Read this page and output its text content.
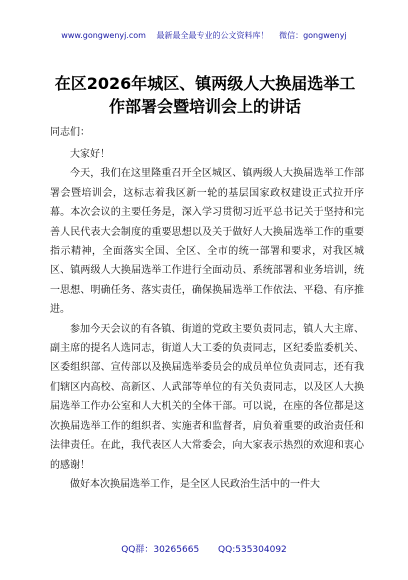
www.gongwenyj.com 最新最全最专业的公文资料库！ 微信：gongwenyj
在区2026年城区、镇两级人大换届选举工作部署会暨培训会上的讲话
同志们：

大家好！

今天，我们在这里隆重召开全区城区、镇两级人大换届选举工作部署会暨培训会，这标志着我区新一轮的基层国家政权建设正式拉开序幕。本次会议的主要任务是，深入学习贯彻习近平总书记关于坚持和完善人民代表大会制度的重要思想以及关于做好人大换届选举工作的重要指示精神，全面落实全国、全区、全市的统一部署和要求，对我区城区、镇两级人大换届选举工作进行全面动员、系统部署和业务培训，统一思想、明确任务、落实责任，确保换届选举工作依法、平稳、有序推进。

参加今天会议的有各镇、街道的党政主要负责同志，镇人大主席、副主席的提名人选同志，街道人大工委的负责同志，区纪委监委机关、区委组织部、宣传部以及换届选举委员会的成员单位负责同志，还有我们辖区内高校、高新区、人武部等单位的有关负责同志，以及区人大换届选举工作办公室和人大机关的全体干部。可以说，在座的各位都是这次换届选举工作的组织者、实施者和监督者，肩负着重要的政治责任和法律责任。在此，我代表区人大常委会，向大家表示热烈的欢迎和衷心的感谢！

做好本次换届选举工作，是全区人民政治生活中的一件大

QQ群：30265665 QQ:535304092
